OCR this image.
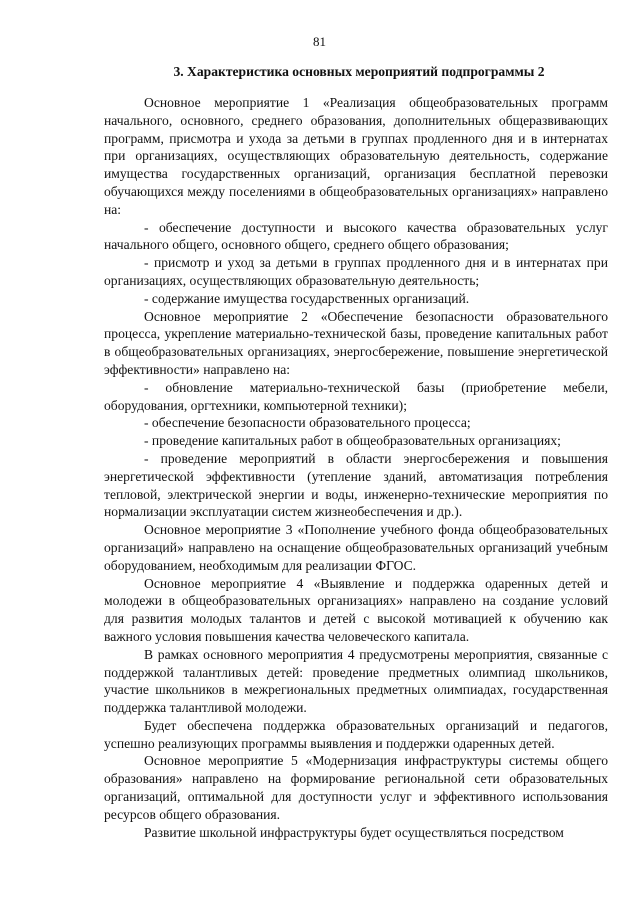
81
3. Характеристика основных мероприятий подпрограммы 2

Основное мероприятие 1 «Реализация общеобразовательных программ начального, основного, среднего образования, дополнительных общеразвивающих программ, присмотра и ухода за детьми в группах продленного дня и в интернатах при организациях, осуществляющих образовательную деятельность, содержание имущества государственных организаций, организация бесплатной перевозки обучающихся между поселениями в общеобразовательных организациях» направлено на:

- обеспечение доступности и высокого качества образовательных услуг начального общего, основного общего, среднего общего образования;

- присмотр и уход за детьми в группах продленного дня и в интернатах при организациях, осуществляющих образовательную деятельность;

- содержание имущества государственных организаций.

Основное мероприятие 2 «Обеспечение безопасности образовательного процесса, укрепление материально-технической базы, проведение капитальных работ в общеобразовательных организациях, энергосбережение, повышение энергетической эффективности» направлено на:

- обновление материально-технической базы (приобретение мебели, оборудования, оргтехники, компьютерной техники);

- обеспечение безопасности образовательного процесса;

- проведение капитальных работ в общеобразовательных организациях;

- проведение мероприятий в области энергосбережения и повышения энергетической эффективности (утепление зданий, автоматизация потребления тепловой, электрической энергии и воды, инженерно-технические мероприятия по нормализации эксплуатации систем жизнеобеспечения и др.).

Основное мероприятие 3 «Пополнение учебного фонда общеобразовательных организаций» направлено на оснащение общеобразовательных организаций учебным оборудованием, необходимым для реализации ФГОС.

Основное мероприятие 4 «Выявление и поддержка одаренных детей и молодежи в общеобразовательных организациях» направлено на создание условий для развития молодых талантов и детей с высокой мотивацией к обучению как важного условия повышения качества человеческого капитала.

В рамках основного мероприятия 4 предусмотрены мероприятия, связанные с поддержкой талантливых детей: проведение предметных олимпиад школьников, участие школьников в межрегиональных предметных олимпиадах, государственная поддержка талантливой молодежи.

Будет обеспечена поддержка образовательных организаций и педагогов, успешно реализующих программы выявления и поддержки одаренных детей.

Основное мероприятие 5 «Модернизация инфраструктуры системы общего образования» направлено на формирование региональной сети образовательных организаций, оптимальной для доступности услуг и эффективного использования ресурсов общего образования.

Развитие школьной инфраструктуры будет осуществляться посредством
